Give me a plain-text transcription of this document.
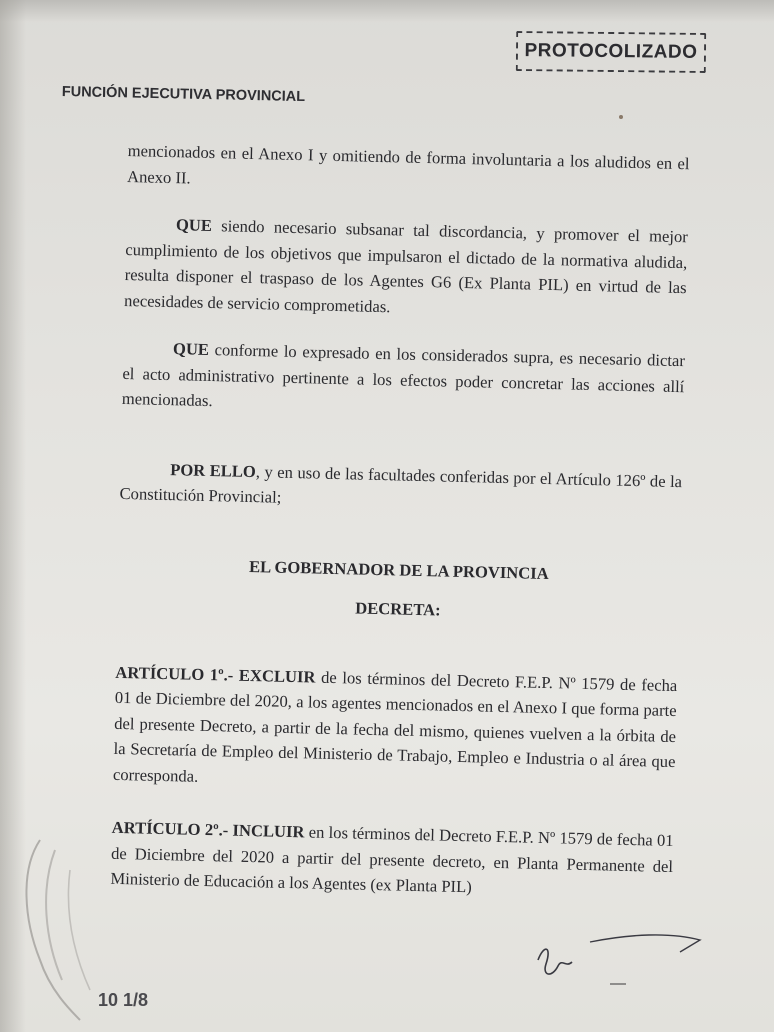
PROTOCOLIZADO
FUNCIÓN EJECUTIVA PROVINCIAL

mencionados en el Anexo I y omitiendo de forma involuntaria a los aludidos en el Anexo II.

QUE siendo necesario subsanar tal discordancia, y promover el mejor cumplimiento de los objetivos que impulsaron el dictado de la normativa aludida, resulta disponer el traspaso de los Agentes G6 (Ex Planta PIL) en virtud de las necesidades de servicio comprometidas.

QUE conforme lo expresado en los considerados supra, es necesario dictar el acto administrativo pertinente a los efectos poder concretar las acciones allí mencionadas.

POR ELLO, y en uso de las facultades conferidas por el Artículo 126º de la Constitución Provincial;

EL GOBERNADOR DE LA PROVINCIA

DECRETA:

ARTÍCULO 1º.- EXCLUIR de los términos del Decreto F.E.P. Nº 1579 de fecha 01 de Diciembre del 2020, a los agentes mencionados en el Anexo I que forma parte del presente Decreto, a partir de la fecha del mismo, quienes vuelven a la órbita de la Secretaría de Empleo del Ministerio de Trabajo, Empleo e Industria o al área que corresponda.

ARTÍCULO 2º.- INCLUIR en los términos del Decreto F.E.P. Nº 1579 de fecha 01 de Diciembre del 2020 a partir del presente decreto, en Planta Permanente del Ministerio de Educación a los Agentes (ex Planta PIL)

10 1/8
